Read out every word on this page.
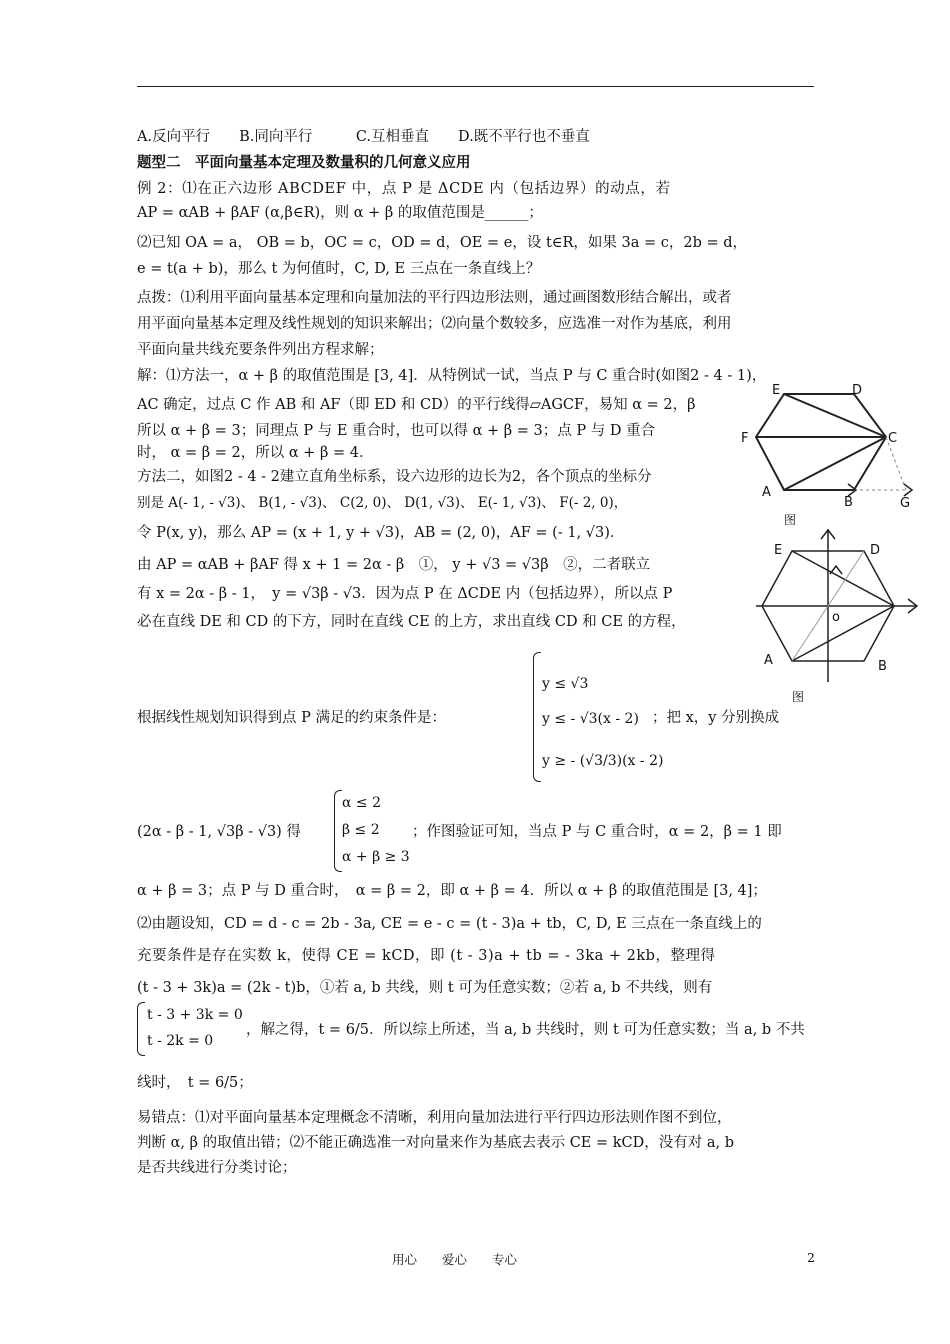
A.反向平行　　B.同向平行　　　C.互相垂直　　D.既不平行也不垂直
题型二　平面向量基本定理及数量积的几何意义应用
例 2：⑴在正六边形 ABCDEF 中，点 P 是 ΔCDE 内（包括边界）的动点，若
AP = αAB + βAF (α,β∈R)，则 α + β 的取值范围是______；
⑵已知 OA = a， OB = b，OC = c，OD = d，OE = e，设 t∈R，如果 3a = c，2b = d，
e = t(a + b)，那么 t 为何值时，C, D, E 三点在一条直线上？
点拨：⑴利用平面向量基本定理和向量加法的平行四边形法则，通过画图数形结合解出，或者
用平面向量基本定理及线性规划的知识来解出；⑵向量个数较多，应选准一对作为基底，利用
平面向量共线充要条件列出方程求解；
解：⑴方法一，α + β 的取值范围是 [3, 4]．从特例试一试，当点 P 与 C 重合时(如图2 - 4 - 1)，
AC 确定，过点 C 作 AB 和 AF（即 ED 和 CD）的平行线得▱AGCF，易知 α = 2，β
所以 α + β = 3；同理点 P 与 E 重合时，也可以得 α + β = 3；点 P 与 D 重合
时， α = β = 2，所以 α + β = 4．
方法二，如图2 - 4 - 2建立直角坐标系，设六边形的边长为2，各个顶点的坐标分
别是 A(- 1, - √3)、 B(1, - √3)、 C(2, 0)、 D(1, √3)、 E(- 1, √3)、 F(- 2, 0)，
令 P(x, y)，那么 AP = (x + 1, y + √3)，AB = (2, 0)，AF = (- 1, √3)．
由 AP = αAB + βAF 得 x + 1 = 2α - β　①， y + √3 = √3β　②，二者联立
有 x = 2α - β - 1，　y = √3β - √3．因为点 P 在 ΔCDE 内（包括边界），所以点 P
必在直线 DE 和 CD 的下方，同时在直线 CE 的上方，求出直线 CD 和 CE 的方程，
根据线性规划知识得到点 P 满足的约束条件是：
y ≤ √3
y ≤ - √3(x - 2)
y ≥ - (√3/3)(x - 2)
；把 x，y 分别换成
(2α - β - 1, √3β - √3) 得
α ≤ 2
β ≤ 2
α + β ≥ 3
；作图验证可知，当点 P 与 C 重合时，α = 2，β = 1 即
α + β = 3；点 P 与 D 重合时，　α = β = 2，即 α + β = 4．所以 α + β 的取值范围是 [3, 4]；
⑵由题设知，CD = d - c = 2b - 3a, CE = e - c = (t - 3)a + tb，C, D, E 三点在一条直线上的
充要条件是存在实数 k，使得 CE = kCD，即 (t - 3)a + tb = - 3ka + 2kb，整理得
(t - 3 + 3k)a = (2k - t)b，①若 a, b 共线，则 t 可为任意实数；②若 a, b 不共线，则有
t - 3 + 3k = 0
t - 2k = 0
，解之得，t = 6/5．所以综上所述，当 a, b 共线时，则 t 可为任意实数；当 a, b 不共
线时，　t = 6/5；
易错点：⑴对平面向量基本定理概念不清晰，利用向量加法进行平行四边形法则作图不到位，
判断 α, β 的取值出错；⑵不能正确选准一对向量来作为基底去表示 CE = kCD，没有对 a, b
是否共线进行分类讨论；
E	D
F	C
A
B	G
图
E	D
o
A	B
图
用心　　爱心　　专心	2
